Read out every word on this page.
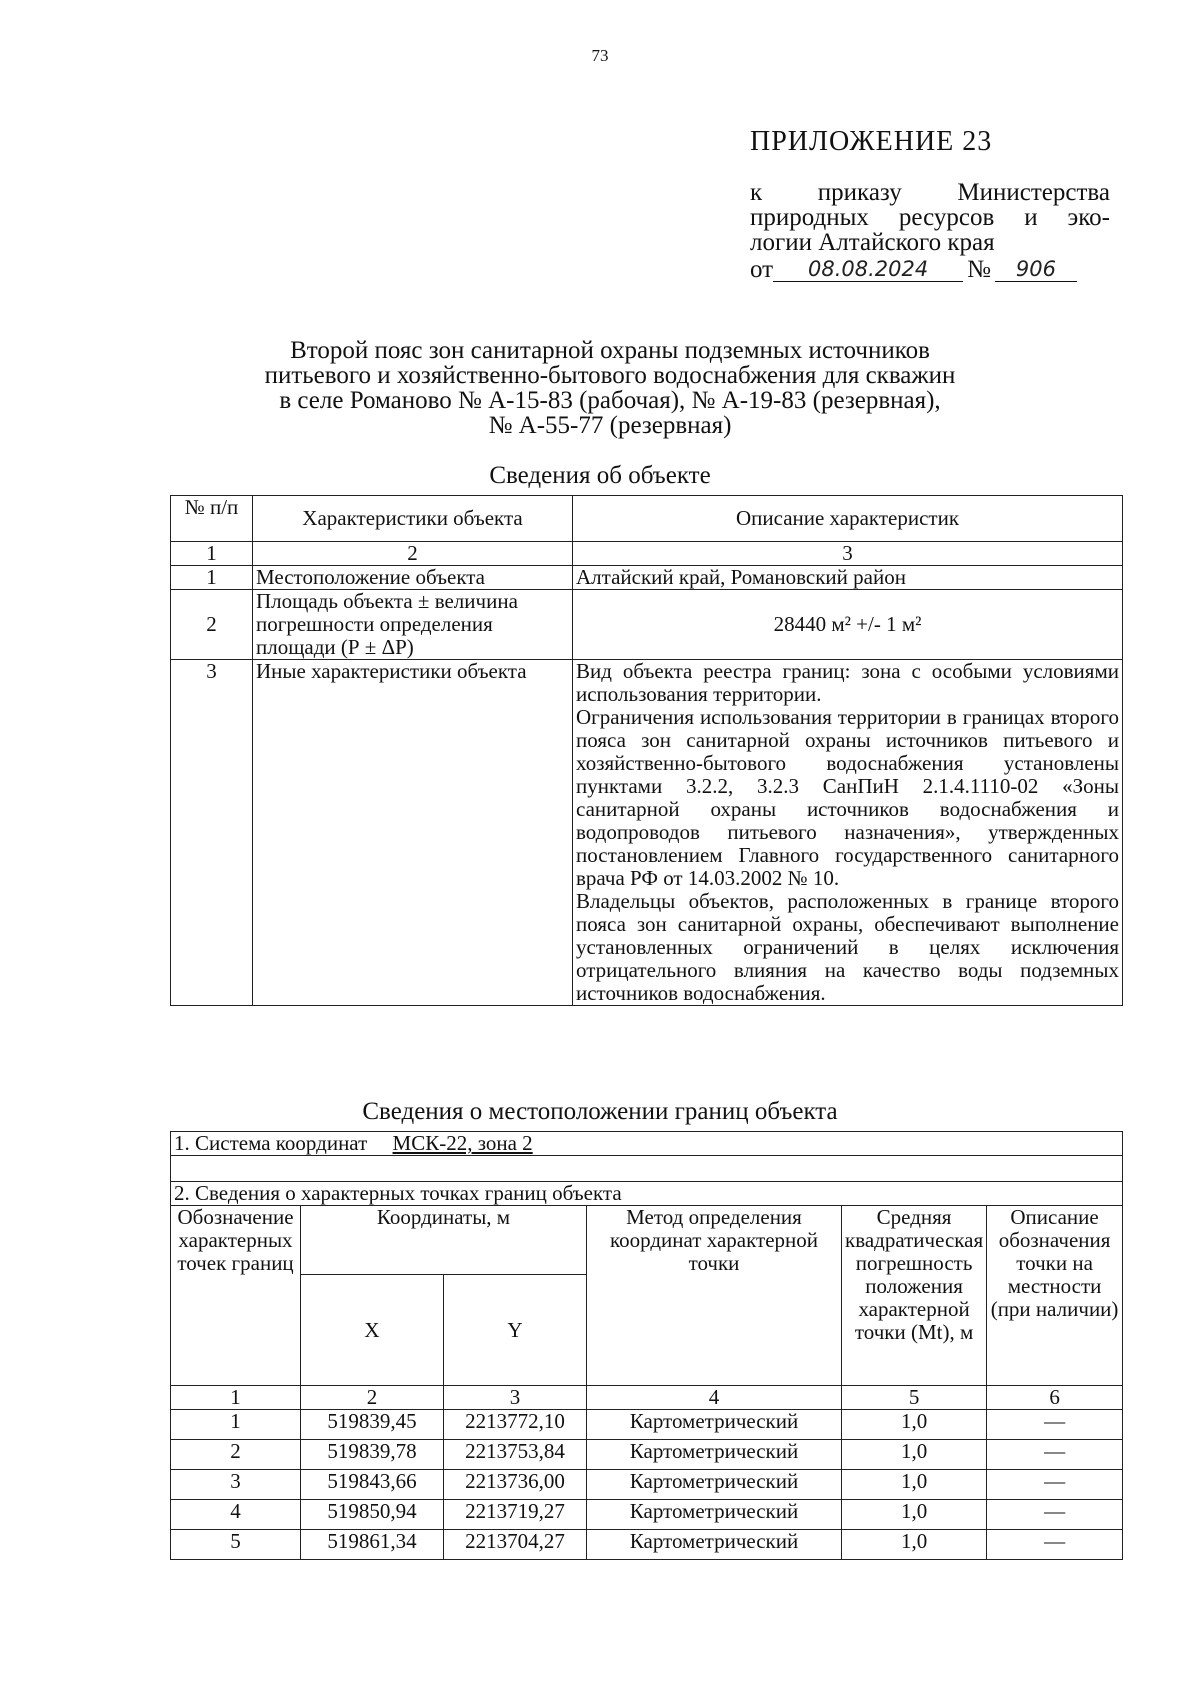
73
ПРИЛОЖЕНИЕ 23
к приказу Министерства
природных ресурсов и эко-
логии Алтайского края
от	08.08.2024	№	906
Второй пояс зон санитарной охраны подземных источников
питьевого и хозяйственно-бытового водоснабжения для скважин
в селе Романово № А-15-83 (рабочая), № А-19-83 (резервная),
№ А-55-77 (резервная)
Сведения об объекте
№ п/п	Характеристики объекта	Описание характеристик
1	2	3
1	Местоположение объекта	Алтайский край, Романовский район
2	Площадь объекта ± величина погрешности определения площади (Р ± ΔР)	28440 м² +/- 1 м²
3	Иные характеристики объекта	Вид объекта реестра границ: зона с особыми условиями использования территории.

Ограничения использования территории в границах второго пояса зон санитарной охраны источников питьевого и хозяйственно-бытового водоснабжения установлены пунктами 3.2.2, 3.2.3 СанПиН 2.1.4.1110-02 «Зоны санитарной охраны источников водоснабжения и водопроводов питьевого назначения», утвержденных постановлением Главного государственного санитарного врача РФ от 14.03.2002 № 10.

Владельцы объектов, расположенных в границе второго пояса зон санитарной охраны, обеспечивают выполнение установленных ограничений в целях исключения отрицательного влияния на качество воды подземных источников водоснабжения.

Сведения о местоположении границ объекта
1. Система координат МСК-22, зона 2					

2. Сведения о характерных точках границ объекта					
Обозначение характерных точек границ	Координаты, м		Метод определения координат характерной точки	Средняя квадратическая погрешность положения характерной точки (Mt), м	Описание обозначения точки на местности (при наличии)
	X	Y			
1	2	3	4	5	6
1	519839,45	2213772,10	Картометрический	1,0	—
2	519839,78	2213753,84	Картометрический	1,0	—
3	519843,66	2213736,00	Картометрический	1,0	—
4	519850,94	2213719,27	Картометрический	1,0	—
5	519861,34	2213704,27	Картометрический	1,0	—
